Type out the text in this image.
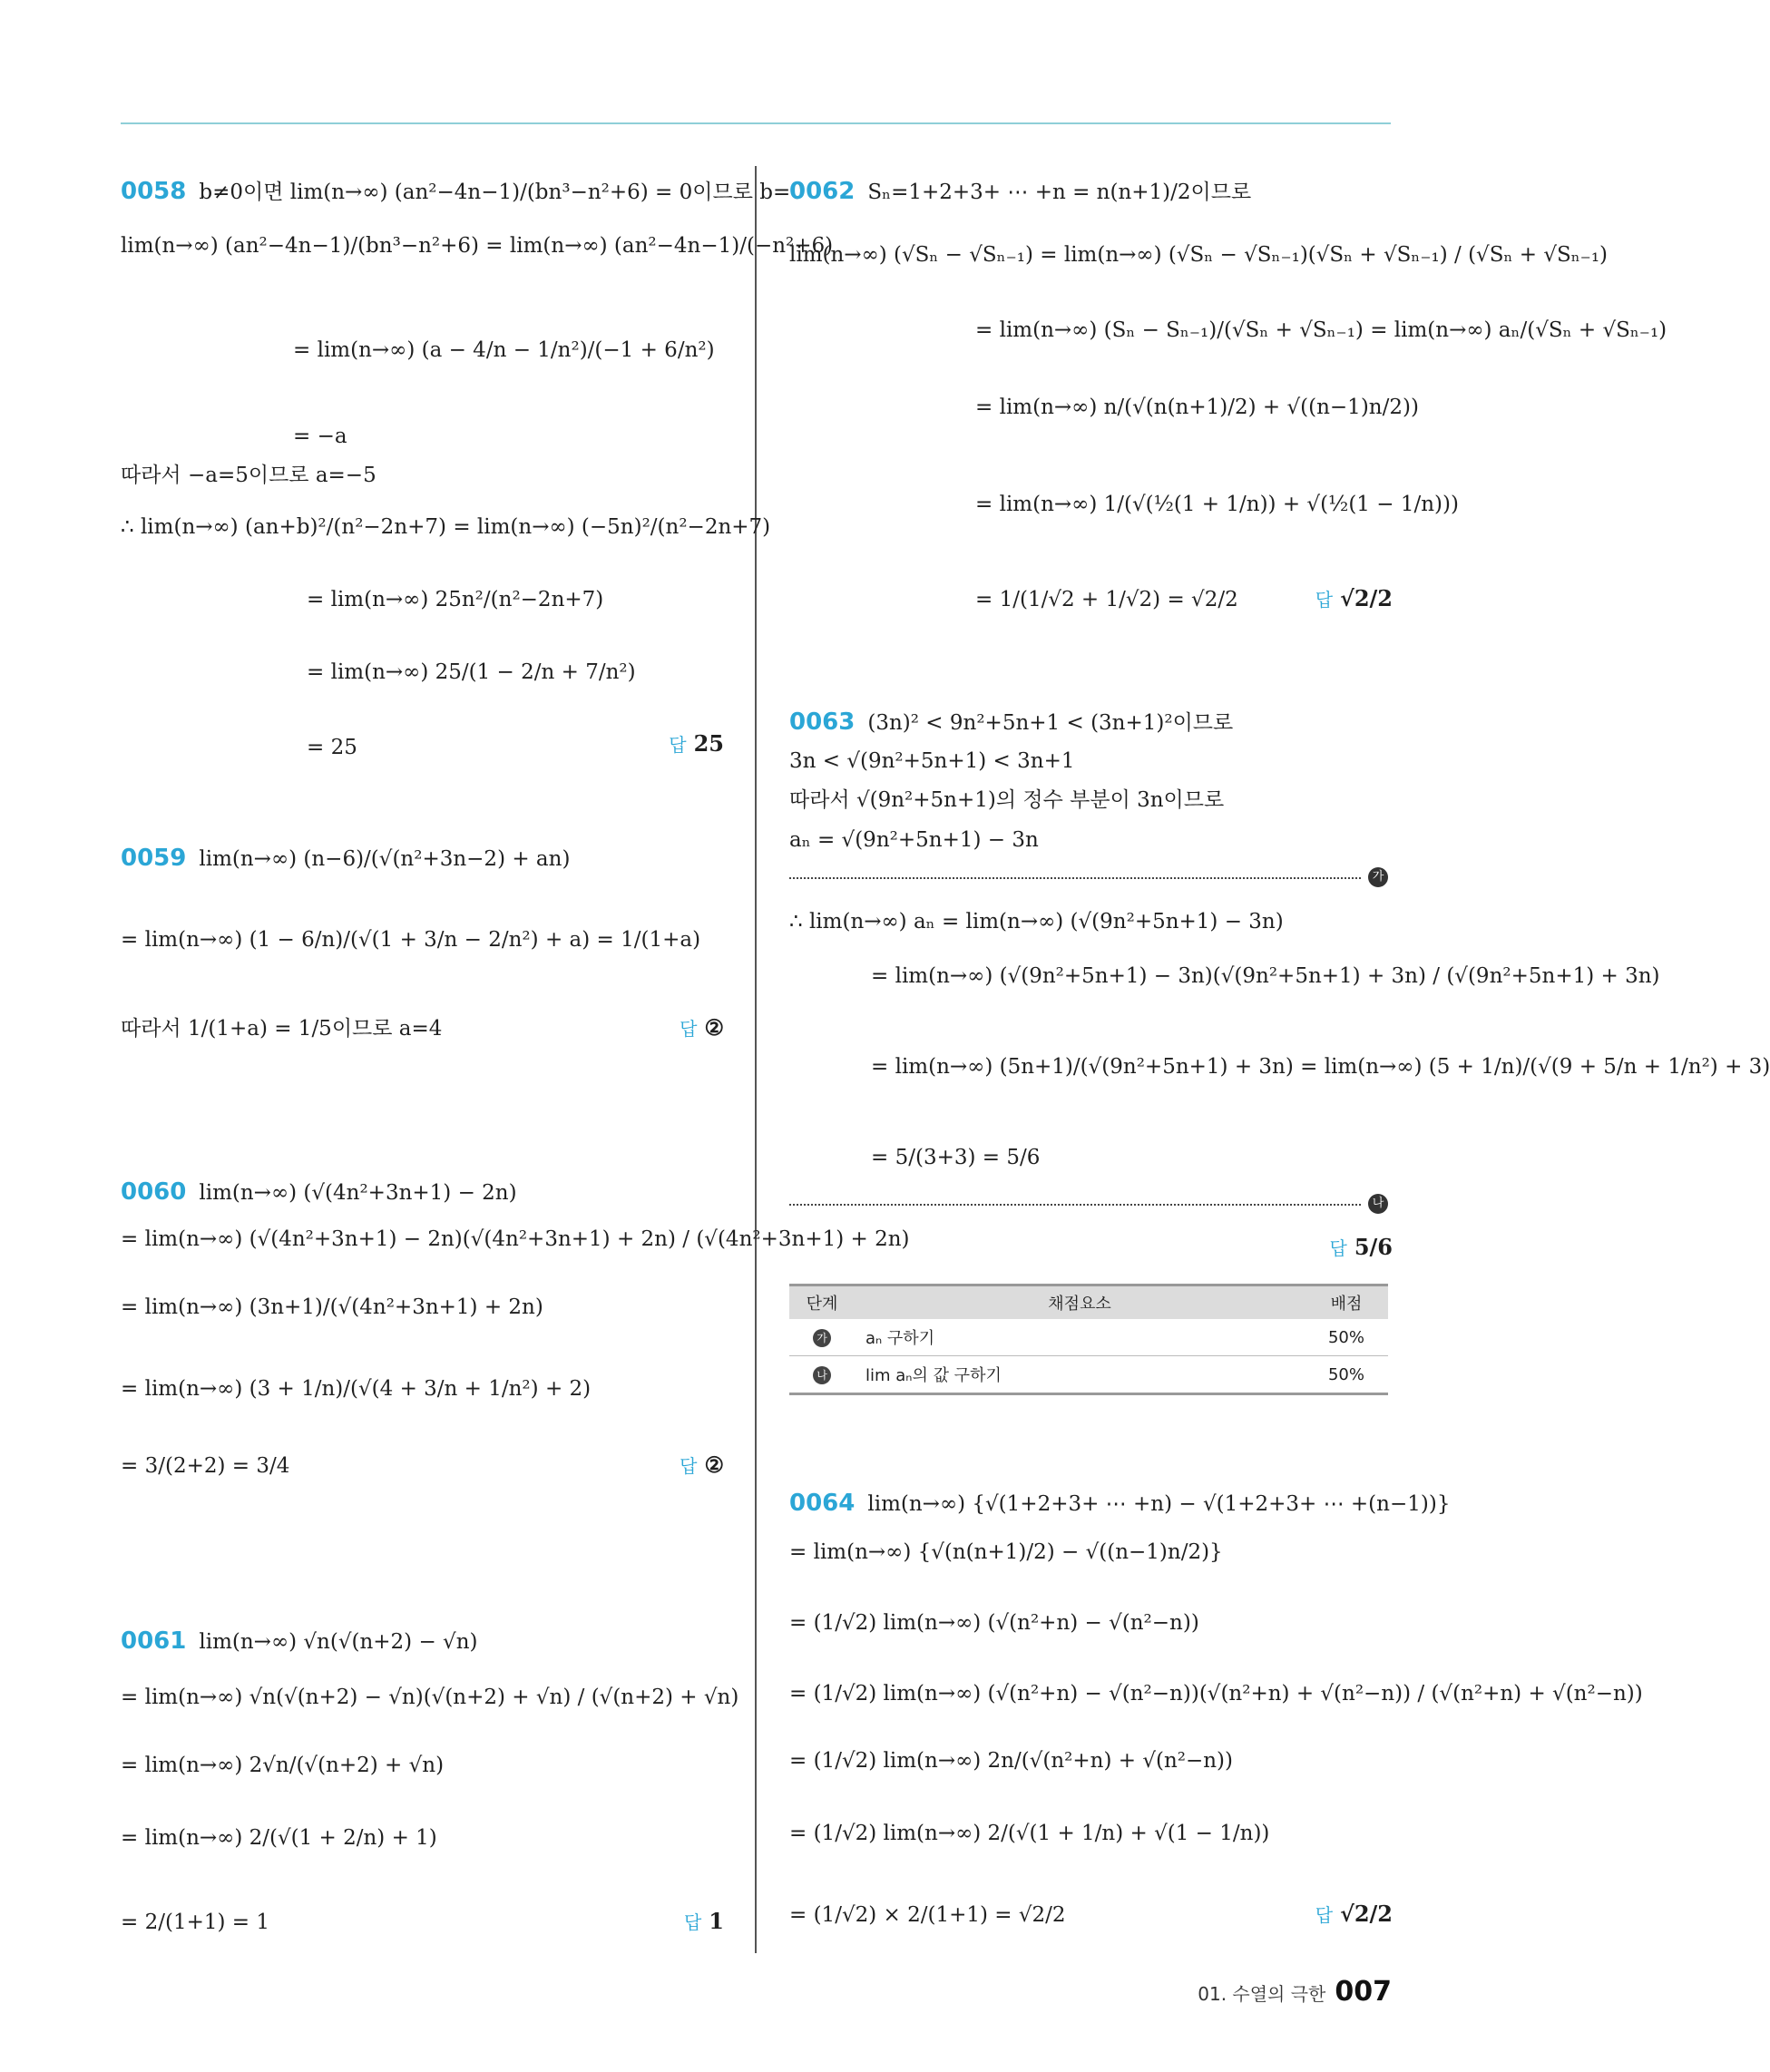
0058 b≠0이면 lim(n→∞) (an²−4n−1)/(bn³−n²+6) = 0이므로 b=0
lim(n→∞) (an²−4n−1)/(bn³−n²+6) = lim(n→∞) (an²−4n−1)/(−n²+6)
= lim(n→∞) (a − 4/n − 1/n²)/(−1 + 6/n²)
= −a
따라서 −a=5이므로 a=−5
∴ lim(n→∞) (an+b)²/(n²−2n+7) = lim(n→∞) (−5n)²/(n²−2n+7)
= lim(n→∞) 25n²/(n²−2n+7)
= lim(n→∞) 25/(1 − 2/n + 7/n²)
= 25	답 25
0059 lim(n→∞) (n−6)/(√(n²+3n−2) + an)
= lim(n→∞) (1 − 6/n)/(√(1 + 3/n − 2/n²) + a) = 1/(1+a)
따라서 1/(1+a) = 1/5이므로 a=4	답 ②
0060 lim(n→∞) (√(4n²+3n+1) − 2n)
= lim(n→∞) (√(4n²+3n+1) − 2n)(√(4n²+3n+1) + 2n) / (√(4n²+3n+1) + 2n)
= lim(n→∞) (3n+1)/(√(4n²+3n+1) + 2n)
= lim(n→∞) (3 + 1/n)/(√(4 + 3/n + 1/n²) + 2)
= 3/(2+2) = 3/4	답 ②
0061 lim(n→∞) √n(√(n+2) − √n)
= lim(n→∞) √n(√(n+2) − √n)(√(n+2) + √n) / (√(n+2) + √n)
= lim(n→∞) 2√n/(√(n+2) + √n)
= lim(n→∞) 2/(√(1 + 2/n) + 1)
= 2/(1+1) = 1	답 1
0062 Sₙ=1+2+3+ ⋯ +n = n(n+1)/2이므로
lim(n→∞) (√Sₙ − √Sₙ₋₁) = lim(n→∞) (√Sₙ − √Sₙ₋₁)(√Sₙ + √Sₙ₋₁) / (√Sₙ + √Sₙ₋₁)
= lim(n→∞) (Sₙ − Sₙ₋₁)/(√Sₙ + √Sₙ₋₁) = lim(n→∞) aₙ/(√Sₙ + √Sₙ₋₁)
= lim(n→∞) n/(√(n(n+1)/2) + √((n−1)n/2))
= lim(n→∞) 1/(√(½(1 + 1/n)) + √(½(1 − 1/n)))
= 1/(1/√2 + 1/√2) = √2/2	답 √2/2
0063 (3n)² < 9n²+5n+1 < (3n+1)²이므로
3n < √(9n²+5n+1) < 3n+1
따라서 √(9n²+5n+1)의 정수 부분이 3n이므로
aₙ = √(9n²+5n+1) − 3n
가
∴ lim(n→∞) aₙ = lim(n→∞) (√(9n²+5n+1) − 3n)
= lim(n→∞) (√(9n²+5n+1) − 3n)(√(9n²+5n+1) + 3n) / (√(9n²+5n+1) + 3n)
= lim(n→∞) (5n+1)/(√(9n²+5n+1) + 3n) = lim(n→∞) (5 + 1/n)/(√(9 + 5/n + 1/n²) + 3)
= 5/(3+3) = 5/6
나
답 5/6
단계	채점요소	배점
가	aₙ 구하기	50%
나	lim aₙ의 값 구하기	50%
0064 lim(n→∞) {√(1+2+3+ ⋯ +n) − √(1+2+3+ ⋯ +(n−1))}
= lim(n→∞) {√(n(n+1)/2) − √((n−1)n/2)}
= (1/√2) lim(n→∞) (√(n²+n) − √(n²−n))
= (1/√2) lim(n→∞) (√(n²+n) − √(n²−n))(√(n²+n) + √(n²−n)) / (√(n²+n) + √(n²−n))
= (1/√2) lim(n→∞) 2n/(√(n²+n) + √(n²−n))
= (1/√2) lim(n→∞) 2/(√(1 + 1/n) + √(1 − 1/n))
= (1/√2) × 2/(1+1) = √2/2	답 √2/2
01. 수열의 극한 007
